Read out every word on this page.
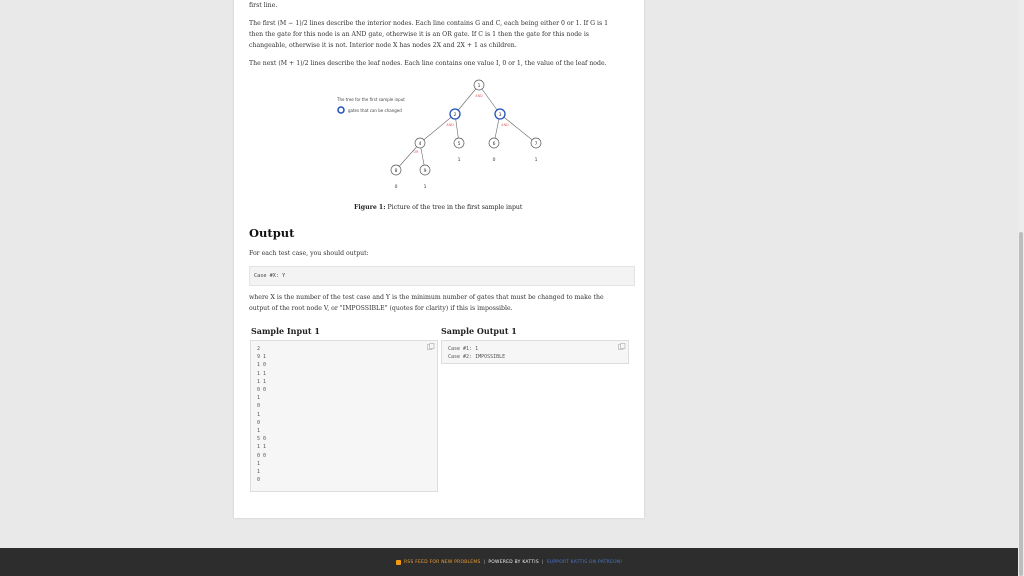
first line.

The first (M − 1)/2 lines describe the interior nodes. Each line contains G and C, each being either 0 or 1. If G is 1

then the gate for this node is an AND gate, otherwise it is an OR gate. If C is 1 then the gate for this node is

changeable, otherwise it is not. Interior node X has nodes 2X and 2X + 1 as children.

The next (M + 1)/2 lines describe the leaf nodes. Each line contains one value I, 0 or 1, the value of the leaf node.

The tree for the first sample input
gates that can be changed
1
AND
2
AND
3
AND
4
OR
5
1
6
0
7
1
8
0
9
1
Figure 1: Picture of the tree in the first sample input
Output

For each test case, you should output:

Case #X: Y

where X is the number of the test case and Y is the minimum number of gates that must be changed to make the

output of the root node V, or "IMPOSSIBLE" (quotes for clarity) if this is impossible.

Sample Input 1	Sample Output 1
2
9 1
1 0
1 1
1 1
0 0
1
0
1
0
1
5 0
1 1
0 0
1
1
0
Case #1: 1
Case #2: IMPOSSIBLE
RSS FEED FOR NEW PROBLEMS | POWERED BY KATTIS | SUPPORT KATTIS ON PATREON!
